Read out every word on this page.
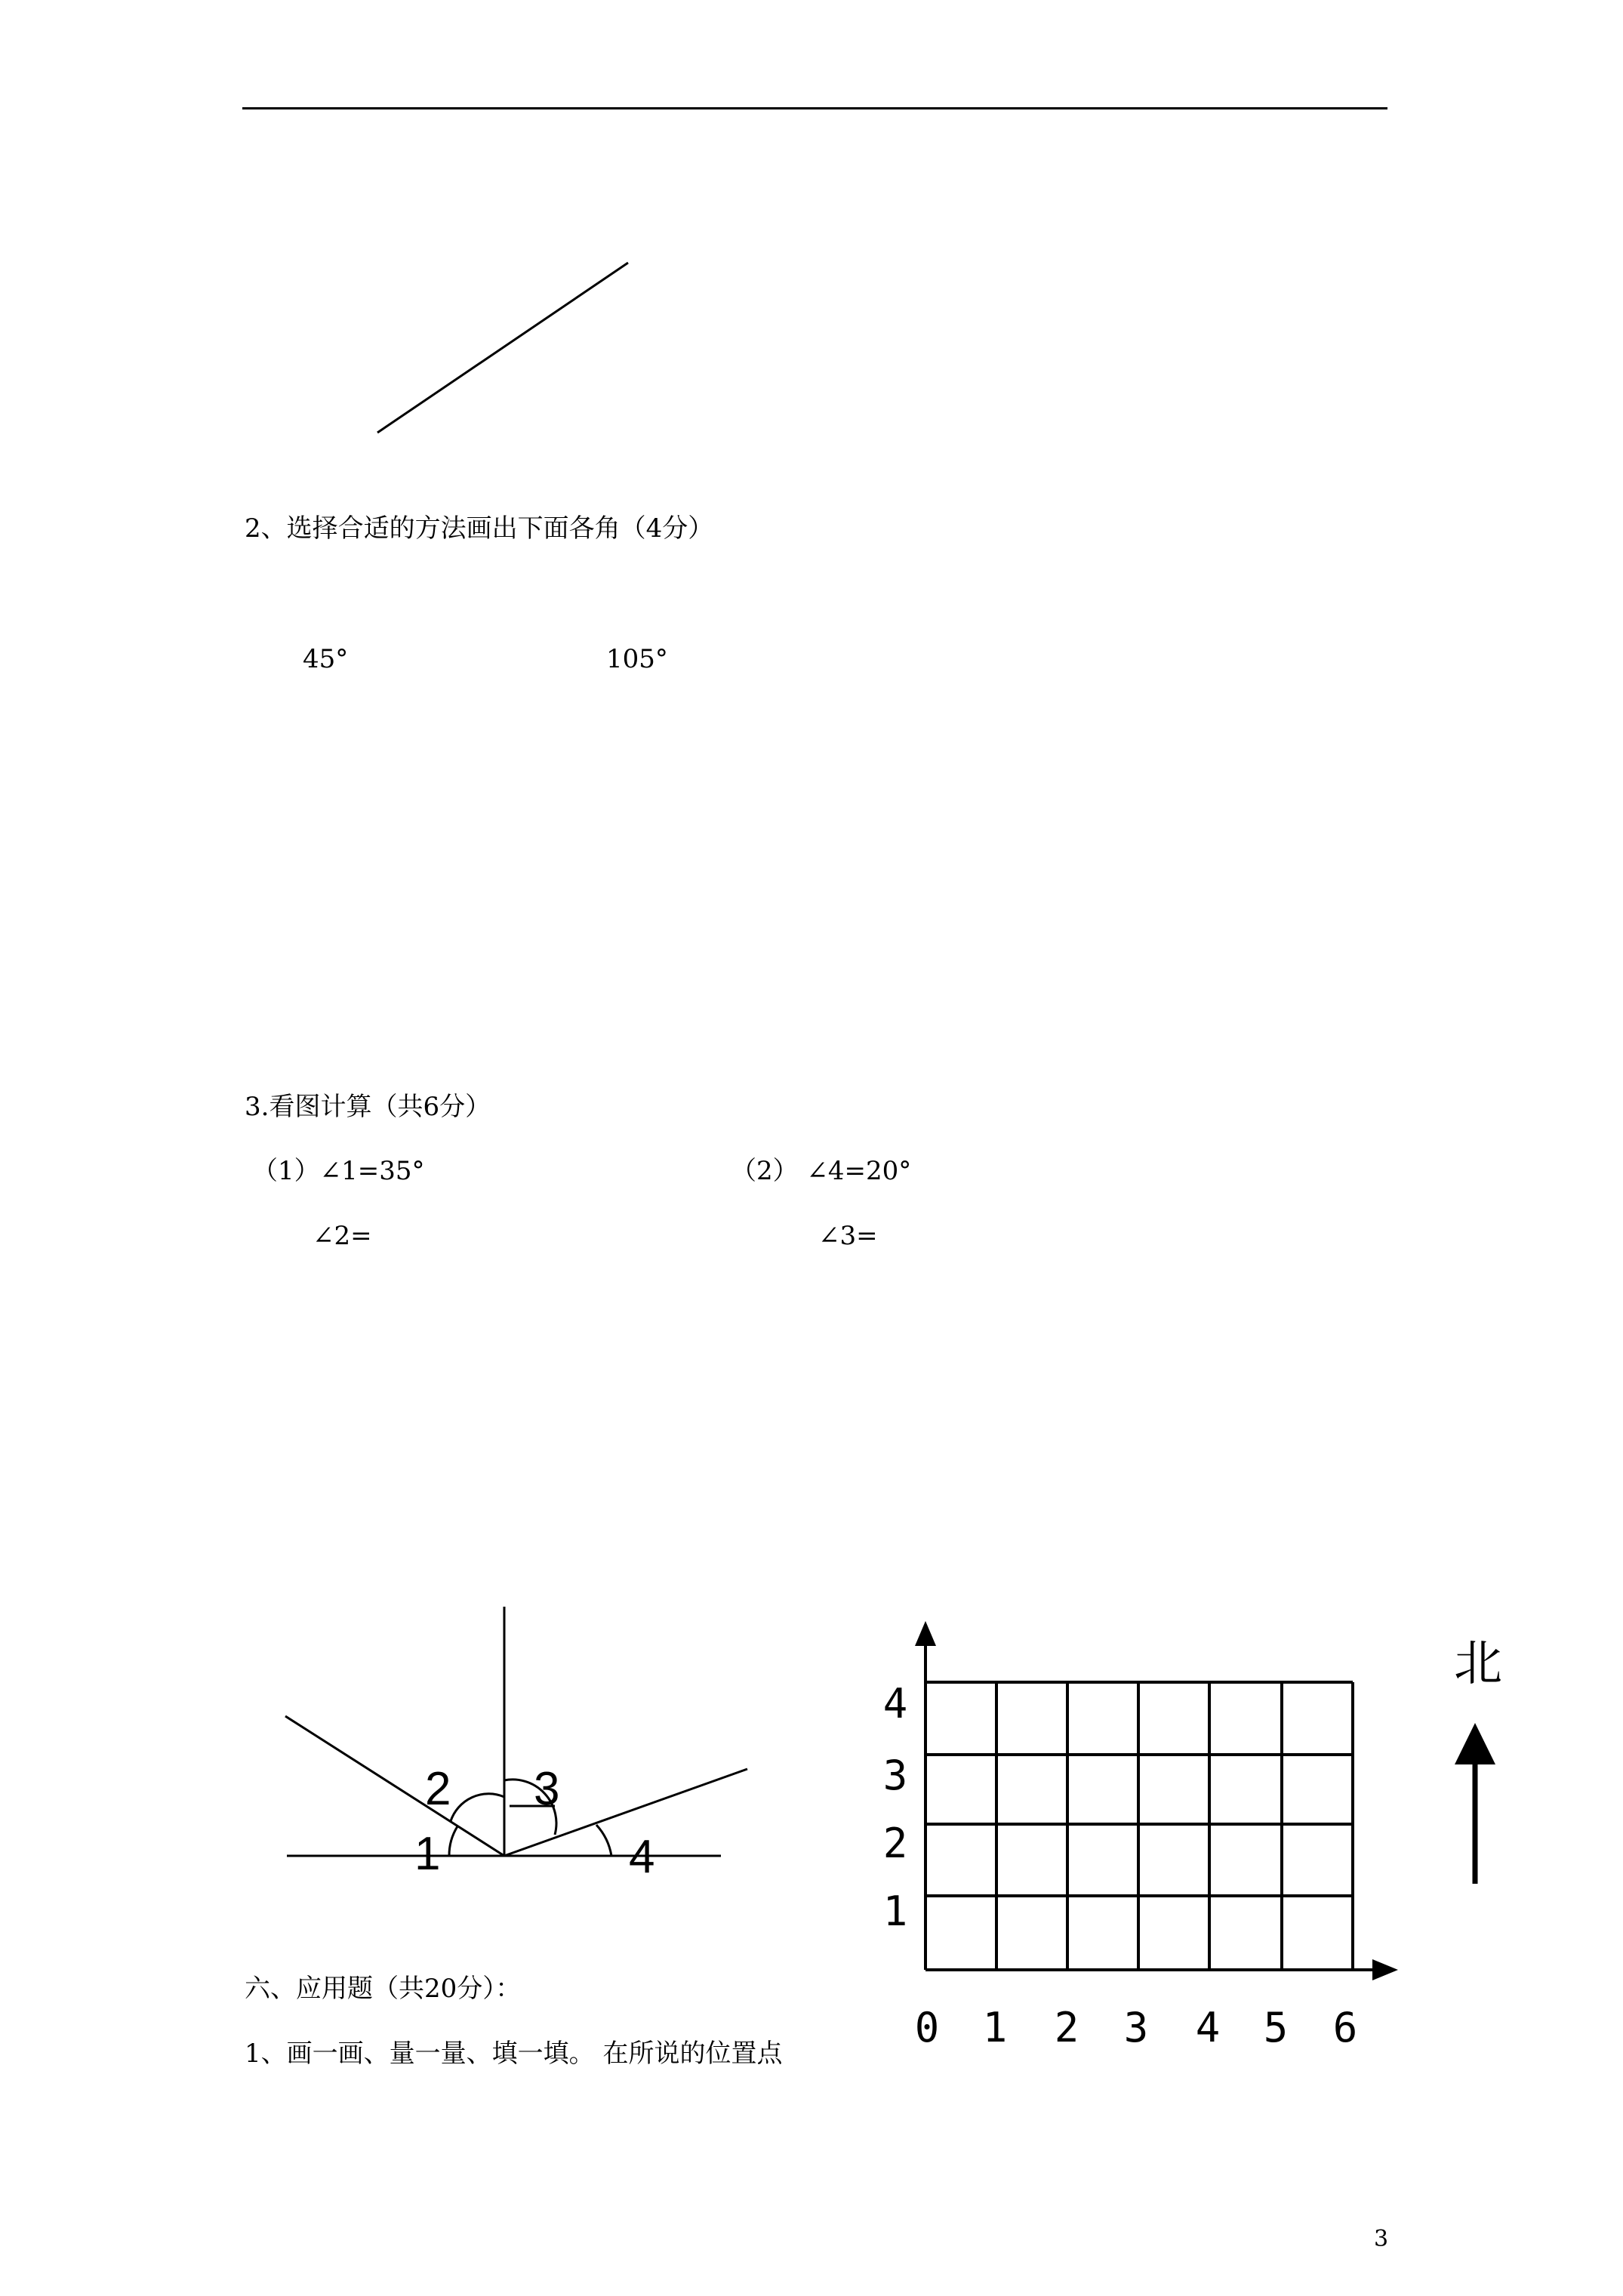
2、选择合适的方法画出下面各角（4分）
45°	105°
3.看图计算（共6分）
（1）∠1=35°
∠2=
（2） ∠4=20°
∠3=
1
2 3
4
0 1 2 3 4 5 6
1
2
3
4
北
六、应用题（共20分）：
1、画一画、量一量、填一填。 在所说的位置点
3
